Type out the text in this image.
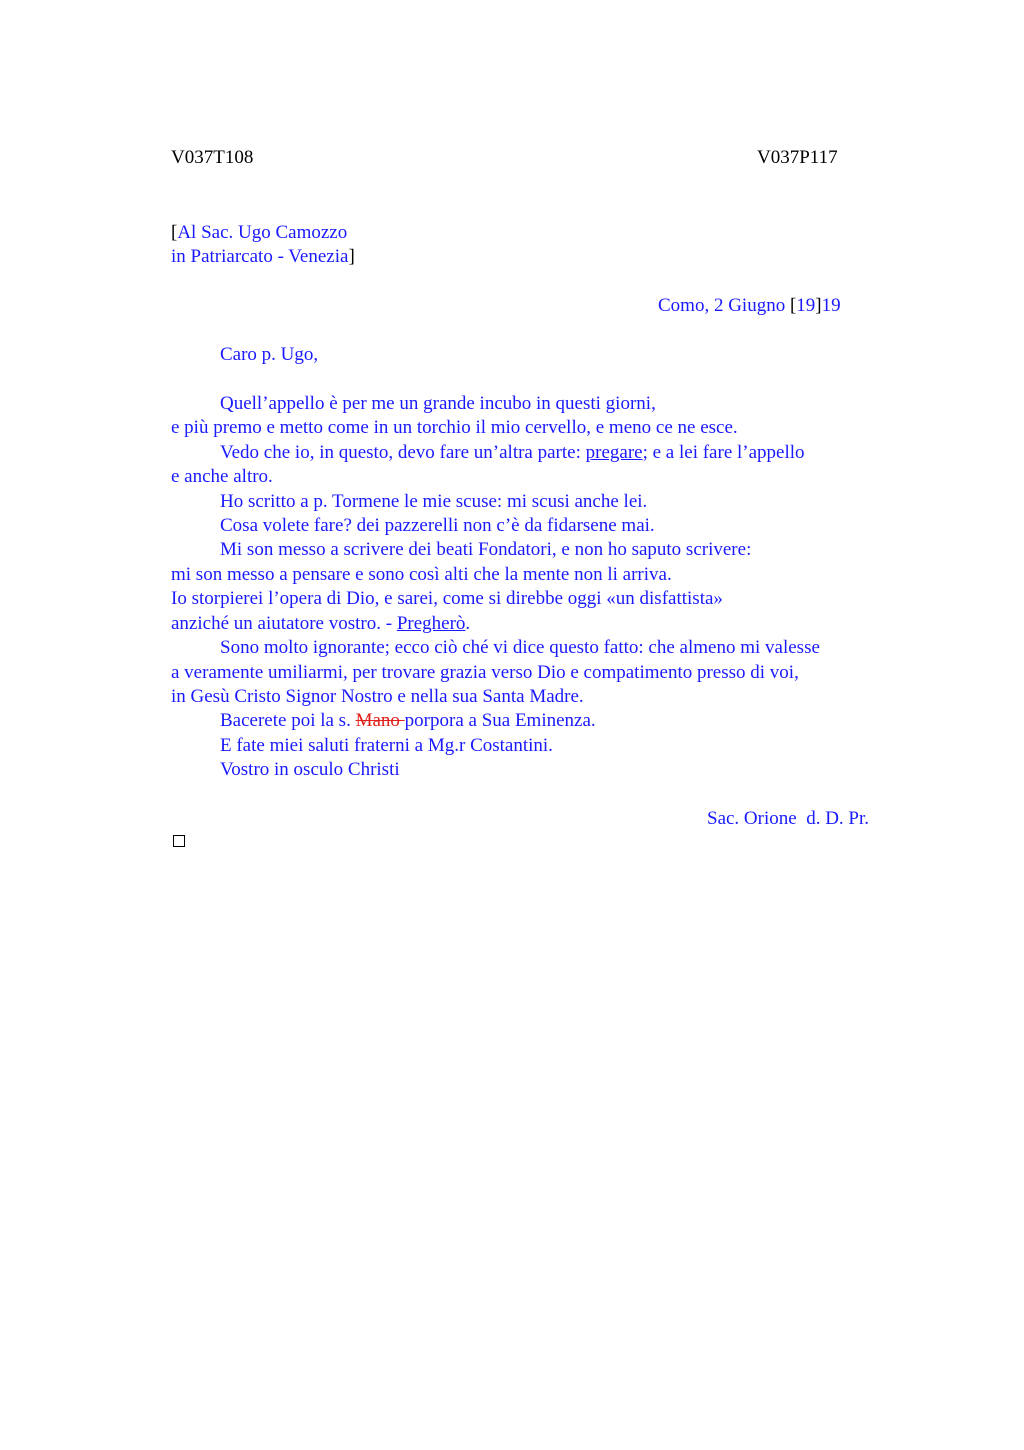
V037T108	V037P117
[Al Sac. Ugo Camozzo
in Patriarcato - Venezia]
Como, 2 Giugno [19]19
Caro p. Ugo,
Quell’appello è per me un grande incubo in questi giorni,
e più premo e metto come in un torchio il mio cervello, e meno ce ne esce.
Vedo che io, in questo, devo fare un’altra parte: pregare; e a lei fare l’appello
e anche altro.
Ho scritto a p. Tormene le mie scuse: mi scusi anche lei.
Cosa volete fare? dei pazzerelli non c’è da fidarsene mai.
Mi son messo a scrivere dei beati Fondatori, e non ho saputo scrivere:
mi son messo a pensare e sono così alti che la mente non li arriva.
Io storpierei l’opera di Dio, e sarei, come si direbbe oggi «un disfattista»
anziché un aiutatore vostro. - Pregherò.
Sono molto ignorante; ecco ciò ché vi dice questo fatto: che almeno mi valesse
a veramente umiliarmi, per trovare grazia verso Dio e compatimento presso di voi,
in Gesù Cristo Signor Nostro e nella sua Santa Madre.
Bacerete poi la s. Mano porpora a Sua Eminenza.
E fate miei saluti fraterni a Mg.r Costantini.
Vostro in osculo Christi
Sac. Orione  d. D. Pr.
